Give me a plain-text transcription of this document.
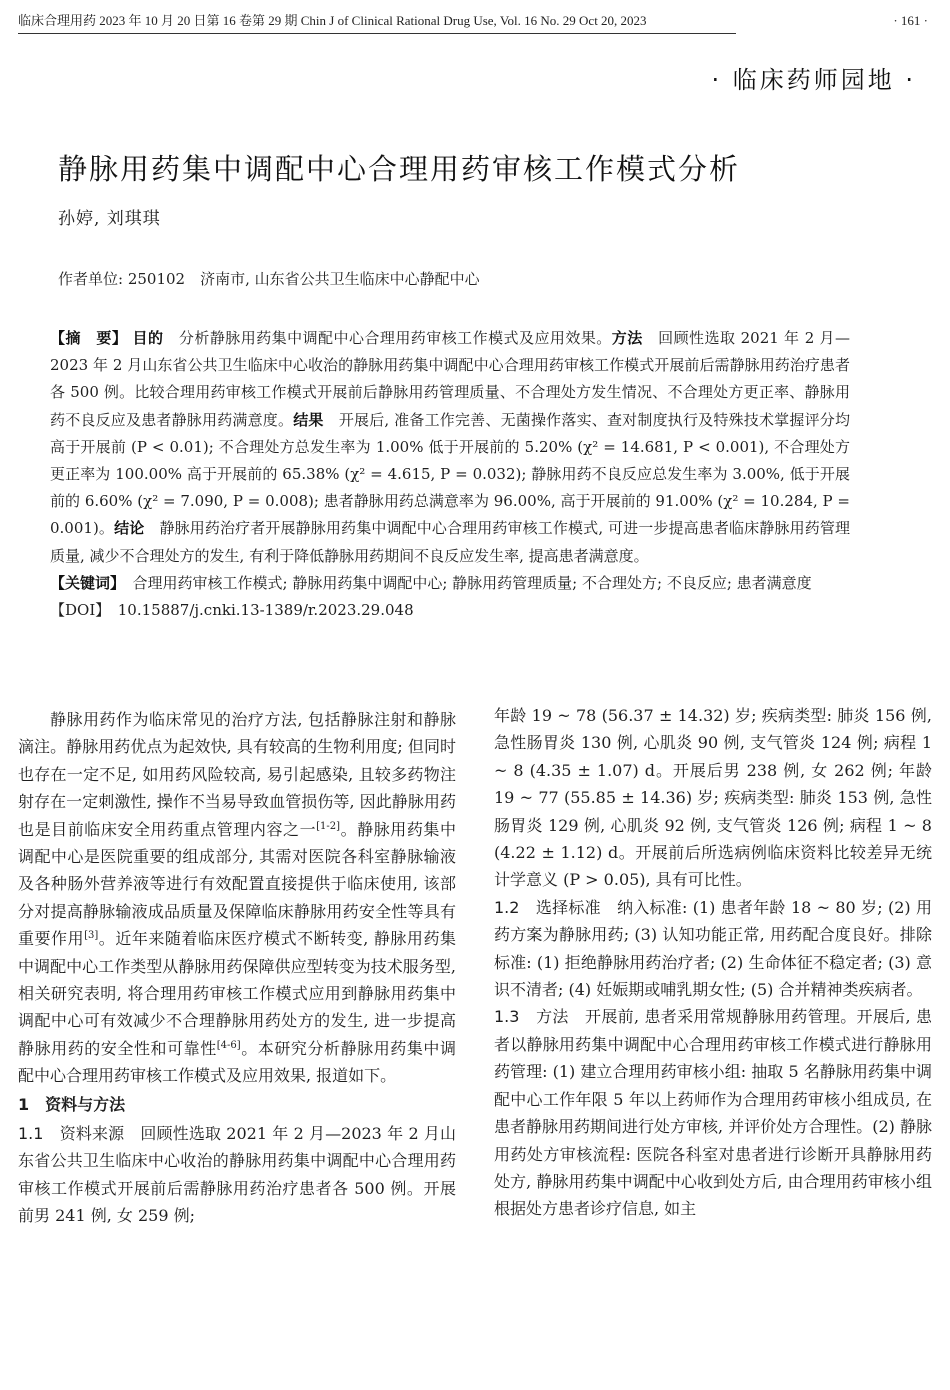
临床合理用药 2023 年 10 月 20 日第 16 卷第 29 期 Chin J of Clinical Rational Drug Use, Vol. 16 No. 29 Oct 20, 2023	· 161 ·
· 临床药师园地 ·
静脉用药集中调配中心合理用药审核工作模式分析
孙婷, 刘琪琪
作者单位: 250102　济南市, 山东省公共卫生临床中心静配中心

【摘　要】 目的　 分析静脉用药集中调配中心合理用药审核工作模式及应用效果。方法　 回顾性选取 2021 年 2 月—2023 年 2 月山东省公共卫生临床中心收治的静脉用药集中调配中心合理用药审核工作模式开展前后需静脉用药治疗患者各 500 例。比较合理用药审核工作模式开展前后静脉用药管理质量、不合理处方发生情况、不合理处方更正率、静脉用药不良反应及患者静脉用药满意度。结果　 开展后, 准备工作完善、无菌操作落实、查对制度执行及特殊技术掌握评分均高于开展前 (P < 0.01); 不合理处方总发生率为 1.00% 低于开展前的 5.20% (χ² = 14.681, P < 0.001), 不合理处方更正率为 100.00% 高于开展前的 65.38% (χ² = 4.615, P = 0.032); 静脉用药不良反应总发生率为 3.00%, 低于开展前的 6.60% (χ² = 7.090, P = 0.008); 患者静脉用药总满意率为 96.00%, 高于开展前的 91.00% (χ² = 10.284, P = 0.001)。结论　 静脉用药治疗者开展静脉用药集中调配中心合理用药审核工作模式, 可进一步提高患者临床静脉用药管理质量, 减少不合理处方的发生, 有利于降低静脉用药期间不良反应发生率, 提高患者满意度。

【关键词】　 合理用药审核工作模式; 静脉用药集中调配中心; 静脉用药管理质量; 不合理处方; 不良反应; 患者满意度

【DOI】　 10.15887/j.cnki.13-1389/r.2023.29.048

静脉用药作为临床常见的治疗方法, 包括静脉注射和静脉滴注。静脉用药优点为起效快, 具有较高的生物利用度; 但同时也存在一定不足, 如用药风险较高, 易引起感染, 且较多药物注射存在一定刺激性, 操作不当易导致血管损伤等, 因此静脉用药也是目前临床安全用药重点管理内容之一[1-2]。静脉用药集中调配中心是医院重要的组成部分, 其需对医院各科室静脉输液及各种肠外营养液等进行有效配置直接提供于临床使用, 该部分对提高静脉输液成品质量及保障临床静脉用药安全性等具有重要作用[3]。近年来随着临床医疗模式不断转变, 静脉用药集中调配中心工作类型从静脉用药保障供应型转变为技术服务型, 相关研究表明, 将合理用药审核工作模式应用到静脉用药集中调配中心可有效减少不合理静脉用药处方的发生, 进一步提高静脉用药的安全性和可靠性[4-6]。本研究分析静脉用药集中调配中心合理用药审核工作模式及应用效果, 报道如下。

1　资料与方法

1.1　资料来源　 回顾性选取 2021 年 2 月—2023 年 2 月山东省公共卫生临床中心收治的静脉用药集中调配中心合理用药审核工作模式开展前后需静脉用药治疗患者各 500 例。开展前男 241 例, 女 259 例;

年龄 19 ~ 78 (56.37 ± 14.32) 岁; 疾病类型: 肺炎 156 例, 急性肠胃炎 130 例, 心肌炎 90 例, 支气管炎 124 例; 病程 1 ~ 8 (4.35 ± 1.07) d。开展后男 238 例, 女 262 例; 年龄 19 ~ 77 (55.85 ± 14.36) 岁; 疾病类型: 肺炎 153 例, 急性肠胃炎 129 例, 心肌炎 92 例, 支气管炎 126 例; 病程 1 ~ 8 (4.22 ± 1.12) d。开展前后所选病例临床资料比较差异无统计学意义 (P > 0.05), 具有可比性。

1.2　选择标准　 纳入标准: (1) 患者年龄 18 ~ 80 岁; (2) 用药方案为静脉用药; (3) 认知功能正常, 用药配合度良好。排除标准: (1) 拒绝静脉用药治疗者; (2) 生命体征不稳定者; (3) 意识不清者; (4) 妊娠期或哺乳期女性; (5) 合并精神类疾病者。

1.3　方法　 开展前, 患者采用常规静脉用药管理。开展后, 患者以静脉用药集中调配中心合理用药审核工作模式进行静脉用药管理: (1) 建立合理用药审核小组: 抽取 5 名静脉用药集中调配中心工作年限 5 年以上药师作为合理用药审核小组成员, 在患者静脉用药期间进行处方审核, 并评价处方合理性。(2) 静脉用药处方审核流程: 医院各科室对患者进行诊断开具静脉用药处方, 静脉用药集中调配中心收到处方后, 由合理用药审核小组根据处方患者诊疗信息, 如主
